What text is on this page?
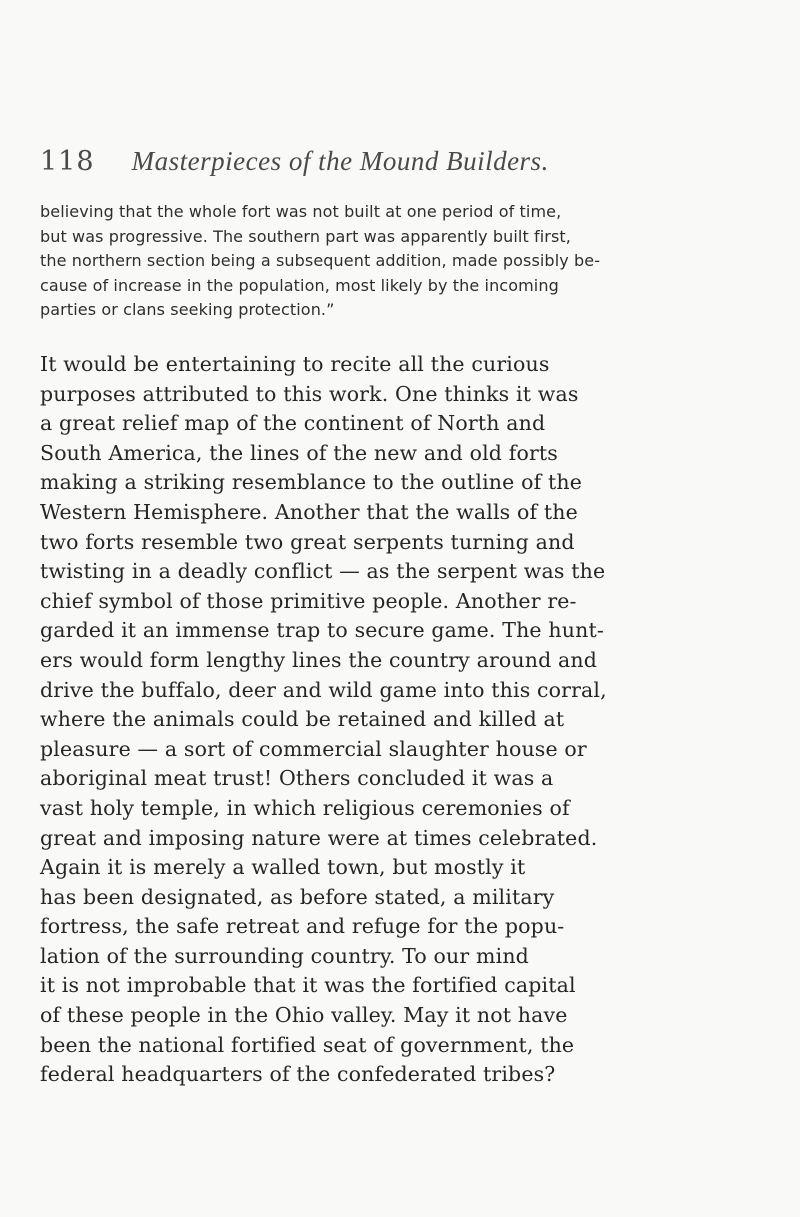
118 Masterpieces of the Mound Builders.
believing that the whole fort was not built at one period of time,
but was progressive. The southern part was apparently built first,
the northern section being a subsequent addition, made possibly be-
cause of increase in the population, most likely by the incoming
parties or clans seeking protection.”
It would be entertaining to recite all the curious
purposes attributed to this work. One thinks it was
a great relief map of the continent of North and
South America, the lines of the new and old forts
making a striking resemblance to the outline of the
Western Hemisphere. Another that the walls of the
two forts resemble two great serpents turning and
twisting in a deadly conflict — as the serpent was the
chief symbol of those primitive people. Another re-
garded it an immense trap to secure game. The hunt-
ers would form lengthy lines the country around and
drive the buffalo, deer and wild game into this corral,
where the animals could be retained and killed at
pleasure — a sort of commercial slaughter house or
aboriginal meat trust! Others concluded it was a
vast holy temple, in which religious ceremonies of
great and imposing nature were at times celebrated.
Again it is merely a walled town, but mostly it
has been designated, as before stated, a military
fortress, the safe retreat and refuge for the popu-
lation of the surrounding country. To our mind
it is not improbable that it was the fortified capital
of these people in the Ohio valley. May it not have
been the national fortified seat of government, the
federal headquarters of the confederated tribes?
